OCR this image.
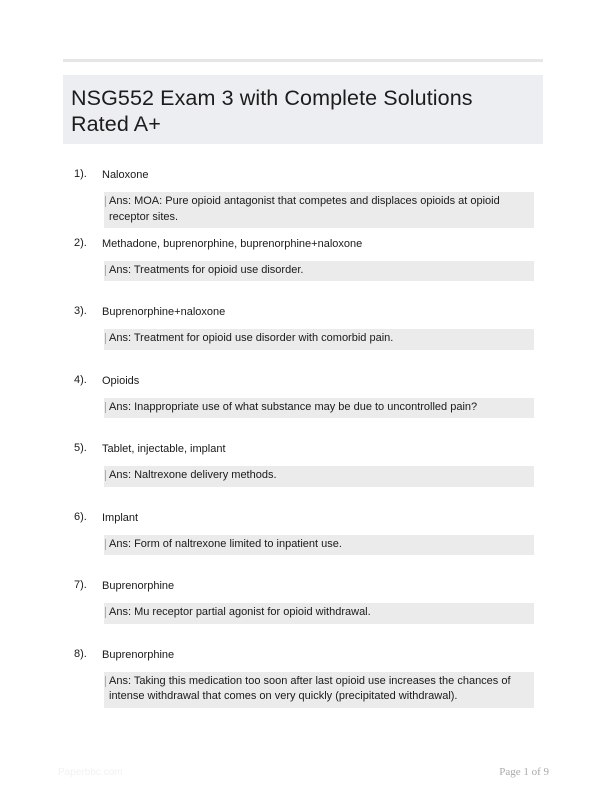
NSG552 Exam 3 with Complete Solutions Rated A+
1). Naloxone
Ans: MOA: Pure opioid antagonist that competes and displaces opioids at opioid receptor sites.
2). Methadone, buprenorphine, buprenorphine+naloxone
Ans: Treatments for opioid use disorder.
3). Buprenorphine+naloxone
Ans: Treatment for opioid use disorder with comorbid pain.
4). Opioids
Ans: Inappropriate use of what substance may be due to uncontrolled pain?
5). Tablet, injectable, implant
Ans: Naltrexone delivery methods.
6). Implant
Ans: Form of naltrexone limited to inpatient use.
7). Buprenorphine
Ans: Mu receptor partial agonist for opioid withdrawal.
8). Buprenorphine
Ans: Taking this medication too soon after last opioid use increases the chances of intense withdrawal that comes on very quickly (precipitated withdrawal).
Paperbbc.com	Page 1 of 9
